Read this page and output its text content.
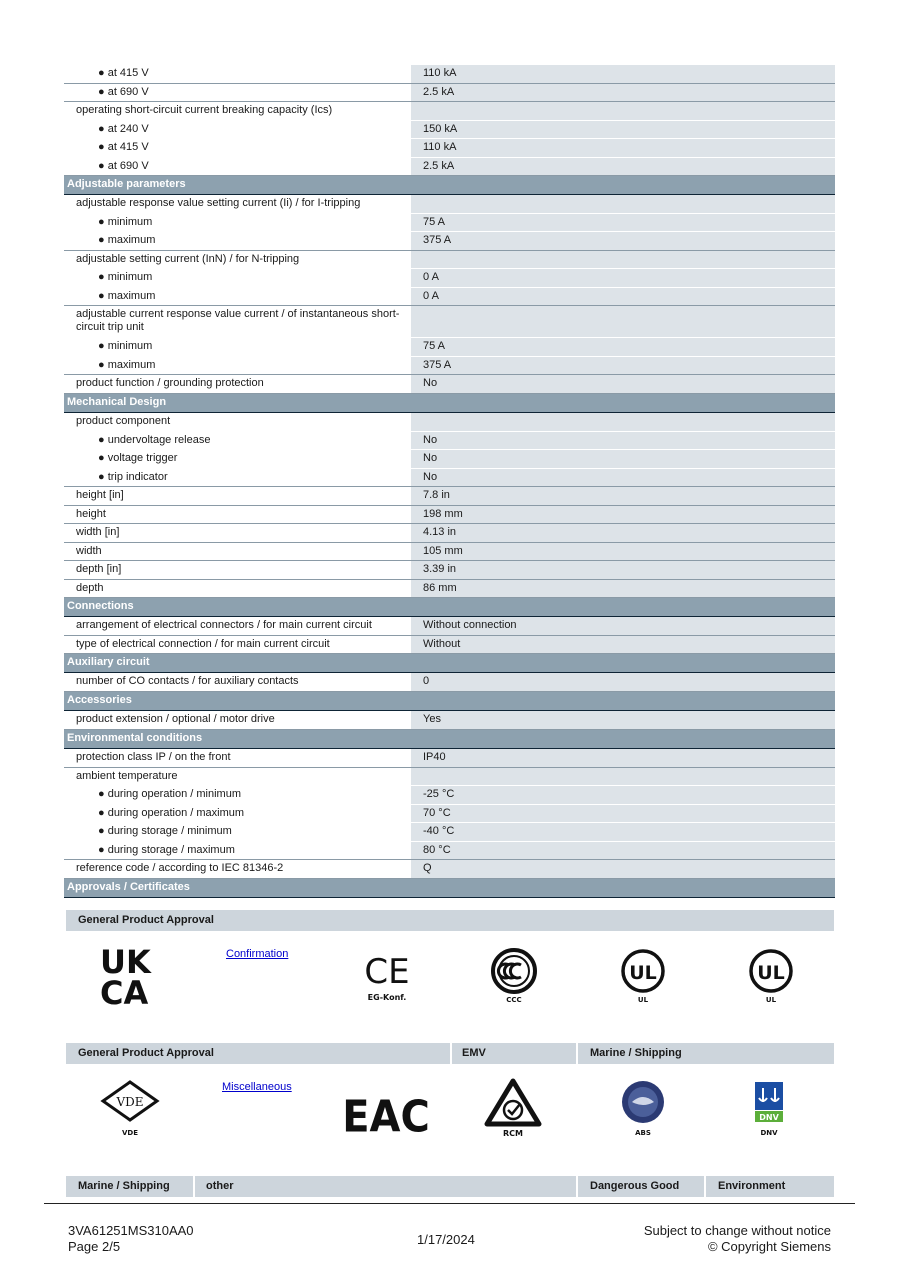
● at 415 V	110 kA
● at 690 V	2.5 kA
operating short-circuit current breaking capacity (Ics)
● at 240 V	150 kA
● at 415 V	110 kA
● at 690 V	2.5 kA
Adjustable parameters
adjustable response value setting current (Ii) / for I-tripping
● minimum	75 A
● maximum	375 A
adjustable setting current (InN) / for N-tripping
● minimum	0 A
● maximum	0 A
adjustable current response value current / of instantaneous short-circuit trip unit
● minimum	75 A
● maximum	375 A
product function / grounding protection	No
Mechanical Design
product component
● undervoltage release	No
● voltage trigger	No
● trip indicator	No
height [in]	7.8 in
height	198 mm
width [in]	4.13 in
width	105 mm
depth [in]	3.39 in
depth	86 mm
Connections
arrangement of electrical connectors / for main current circuit	Without connection
type of electrical connection / for main current circuit	Without
Auxiliary circuit
number of CO contacts / for auxiliary contacts	0
Accessories
product extension / optional / motor drive	Yes
Environmental conditions
protection class IP / on the front	IP40
ambient temperature
● during operation / minimum	-25 °C
● during operation / maximum	70 °C
● during storage / minimum	-40 °C
● during storage / maximum	80 °C
reference code / according to IEC 81346-2	Q
Approvals / Certificates
General Product Approval
UK
CA
Confirmation CE
EG-Konf.	CCC
UL
UL
UL
UL
General Product Approval	EMV	Marine / Shipping
VDE
VDE
Miscellaneous
EAC	RCM	ABS
DNV
DNV
Marine / Shipping	other	Dangerous Good	Environment
3VA61251MS310AA0
Page 2/5	1/17/2024
Subject to change without notice
© Copyright Siemens
